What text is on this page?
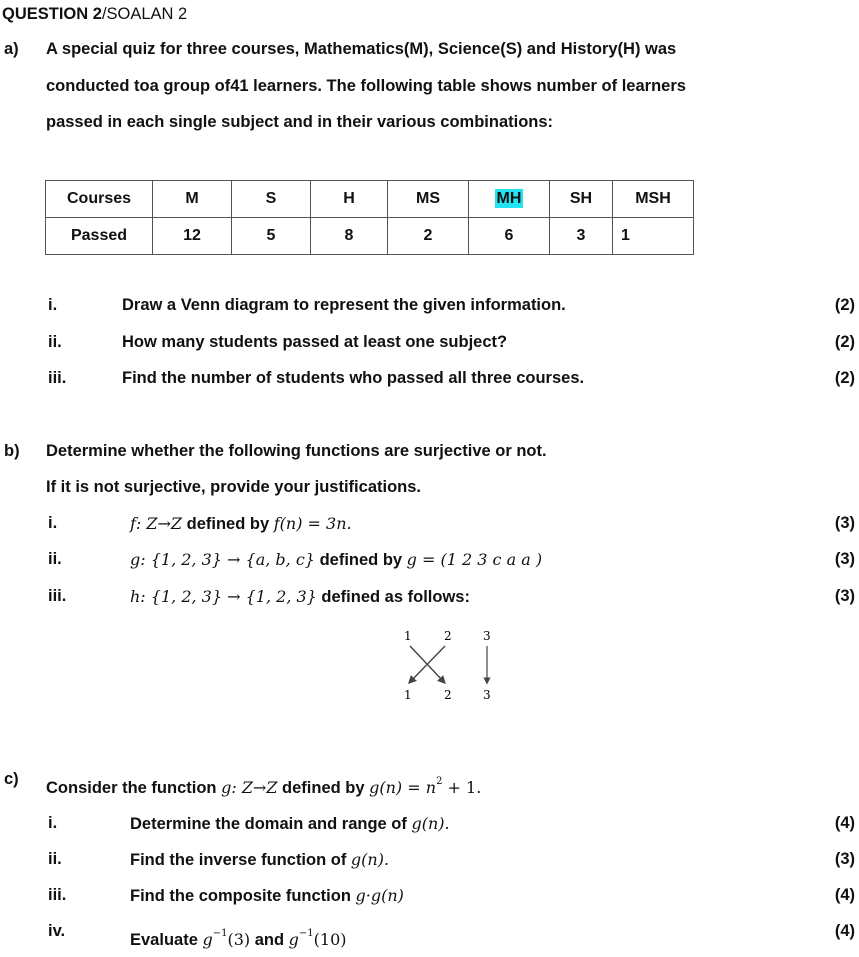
QUESTION 2/SOALAN 2
a) A special quiz for three courses, Mathematics(M), Science(S) and History(H) was
conducted toa group of41 learners. The following table shows number of learners
passed in each single subject and in their various combinations:
Courses	M	S	H	MS	MH	SH	MSH
Passed	12	5	8	2	6	3	1
i.	Draw a Venn diagram to represent the given information.	(2)
ii.	How many students passed at least one subject?	(2)
iii.	Find the number of students who passed all three courses.	(2)
b) Determine whether the following functions are surjective or not.
If it is not surjective, provide your justifications.
i.	f: Z→Z defined by f(n) = 3n.	(3)
ii.	g: {1, 2, 3} → {a, b, c} defined by g = (1 2 3 c a a )	(3)
iii.	h: {1, 2, 3} → {1, 2, 3} defined as follows:	(3)
1	2	3
1	2	3
c) Consider the function g: Z→Z defined by $g(n) = n^2 + 1$.
i.	Determine the domain and range of g(n).	(4)
ii.	Find the inverse function of g(n).	(3)
iii.	Find the composite function g·g(n)	(4)
iv.	Evaluate $g^{-1}(3)$ and $g^{-1}(10)$	(4)
